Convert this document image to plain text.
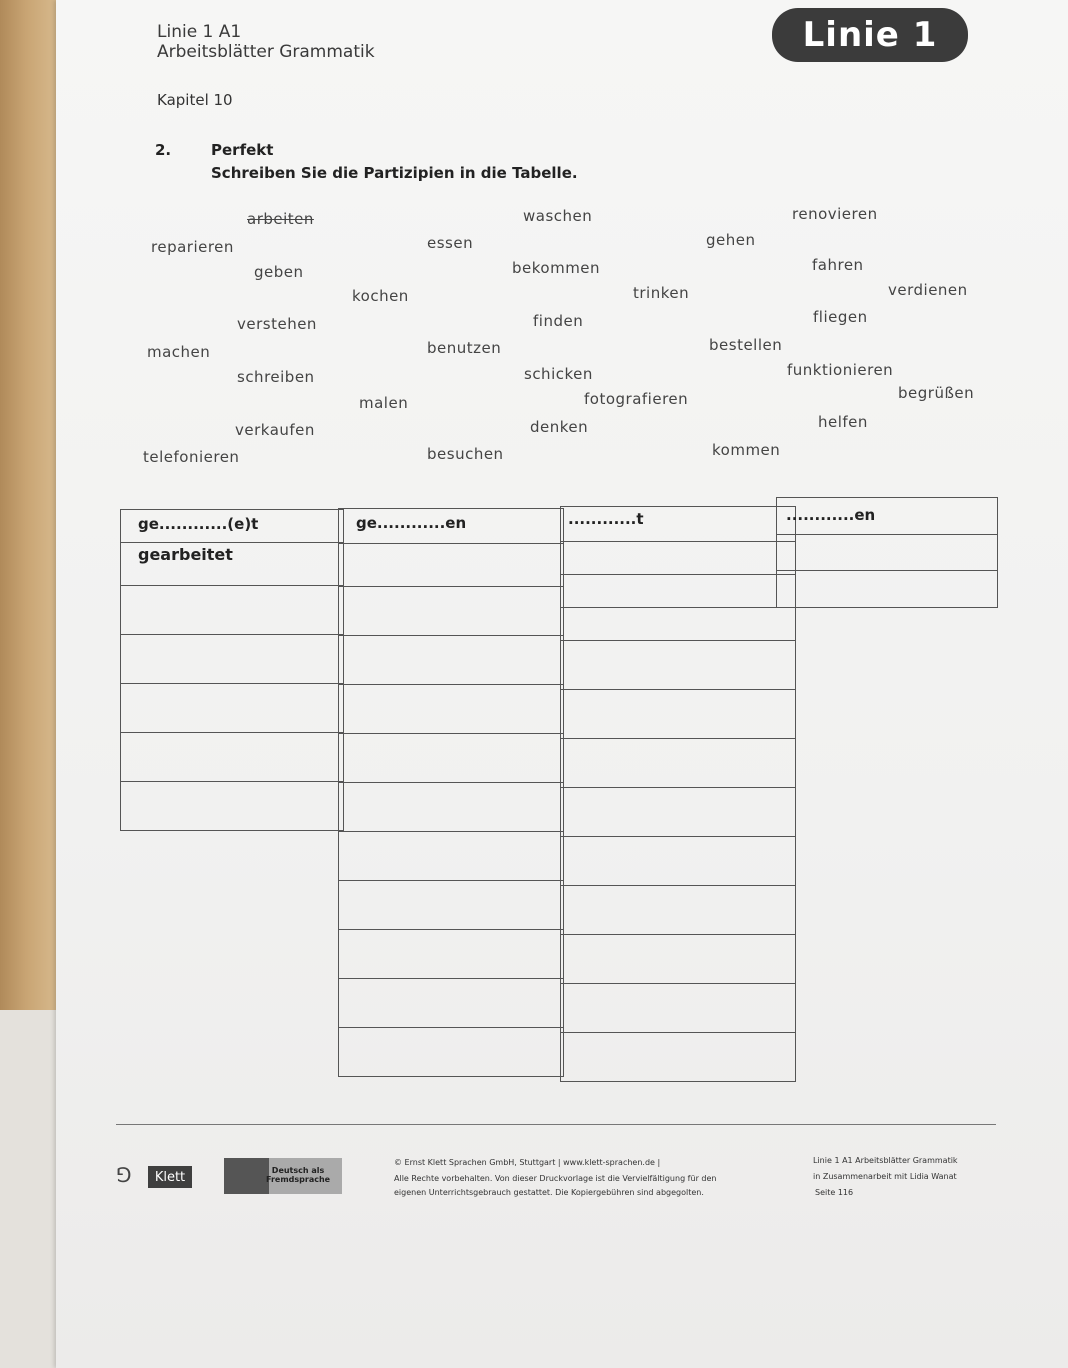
Linie 1 A1
Arbeitsblätter Grammatik	Linie 1
Kapitel 10
2.	Perfekt
Schreiben Sie die Partizipien in die Tabelle.
arbeiten	waschen	renovieren
reparieren	essen	gehen
geben	bekommen	fahren
kochen	trinken	verdienen
verstehen	finden	fliegen
machen	benutzen	bestellen
schreiben	schicken	funktionieren
malen	fotografieren	begrüßen
verkaufen	denken	helfen
telefonieren	besuchen	kommen

ge............(e)t	ge............en	............t	............en
gearbeitet
⅁	Klett	Deutsch als
Fremdsprache
© Ernst Klett Sprachen GmbH, Stuttgart | www.klett-sprachen.de |
Alle Rechte vorbehalten. Von dieser Druckvorlage ist die Vervielfältigung für den
eigenen Unterrichtsgebrauch gestattet. Die Kopiergebühren sind abgegolten.
Linie 1 A1 Arbeitsblätter Grammatik
in Zusammenarbeit mit Lidia Wanat
Seite 116
